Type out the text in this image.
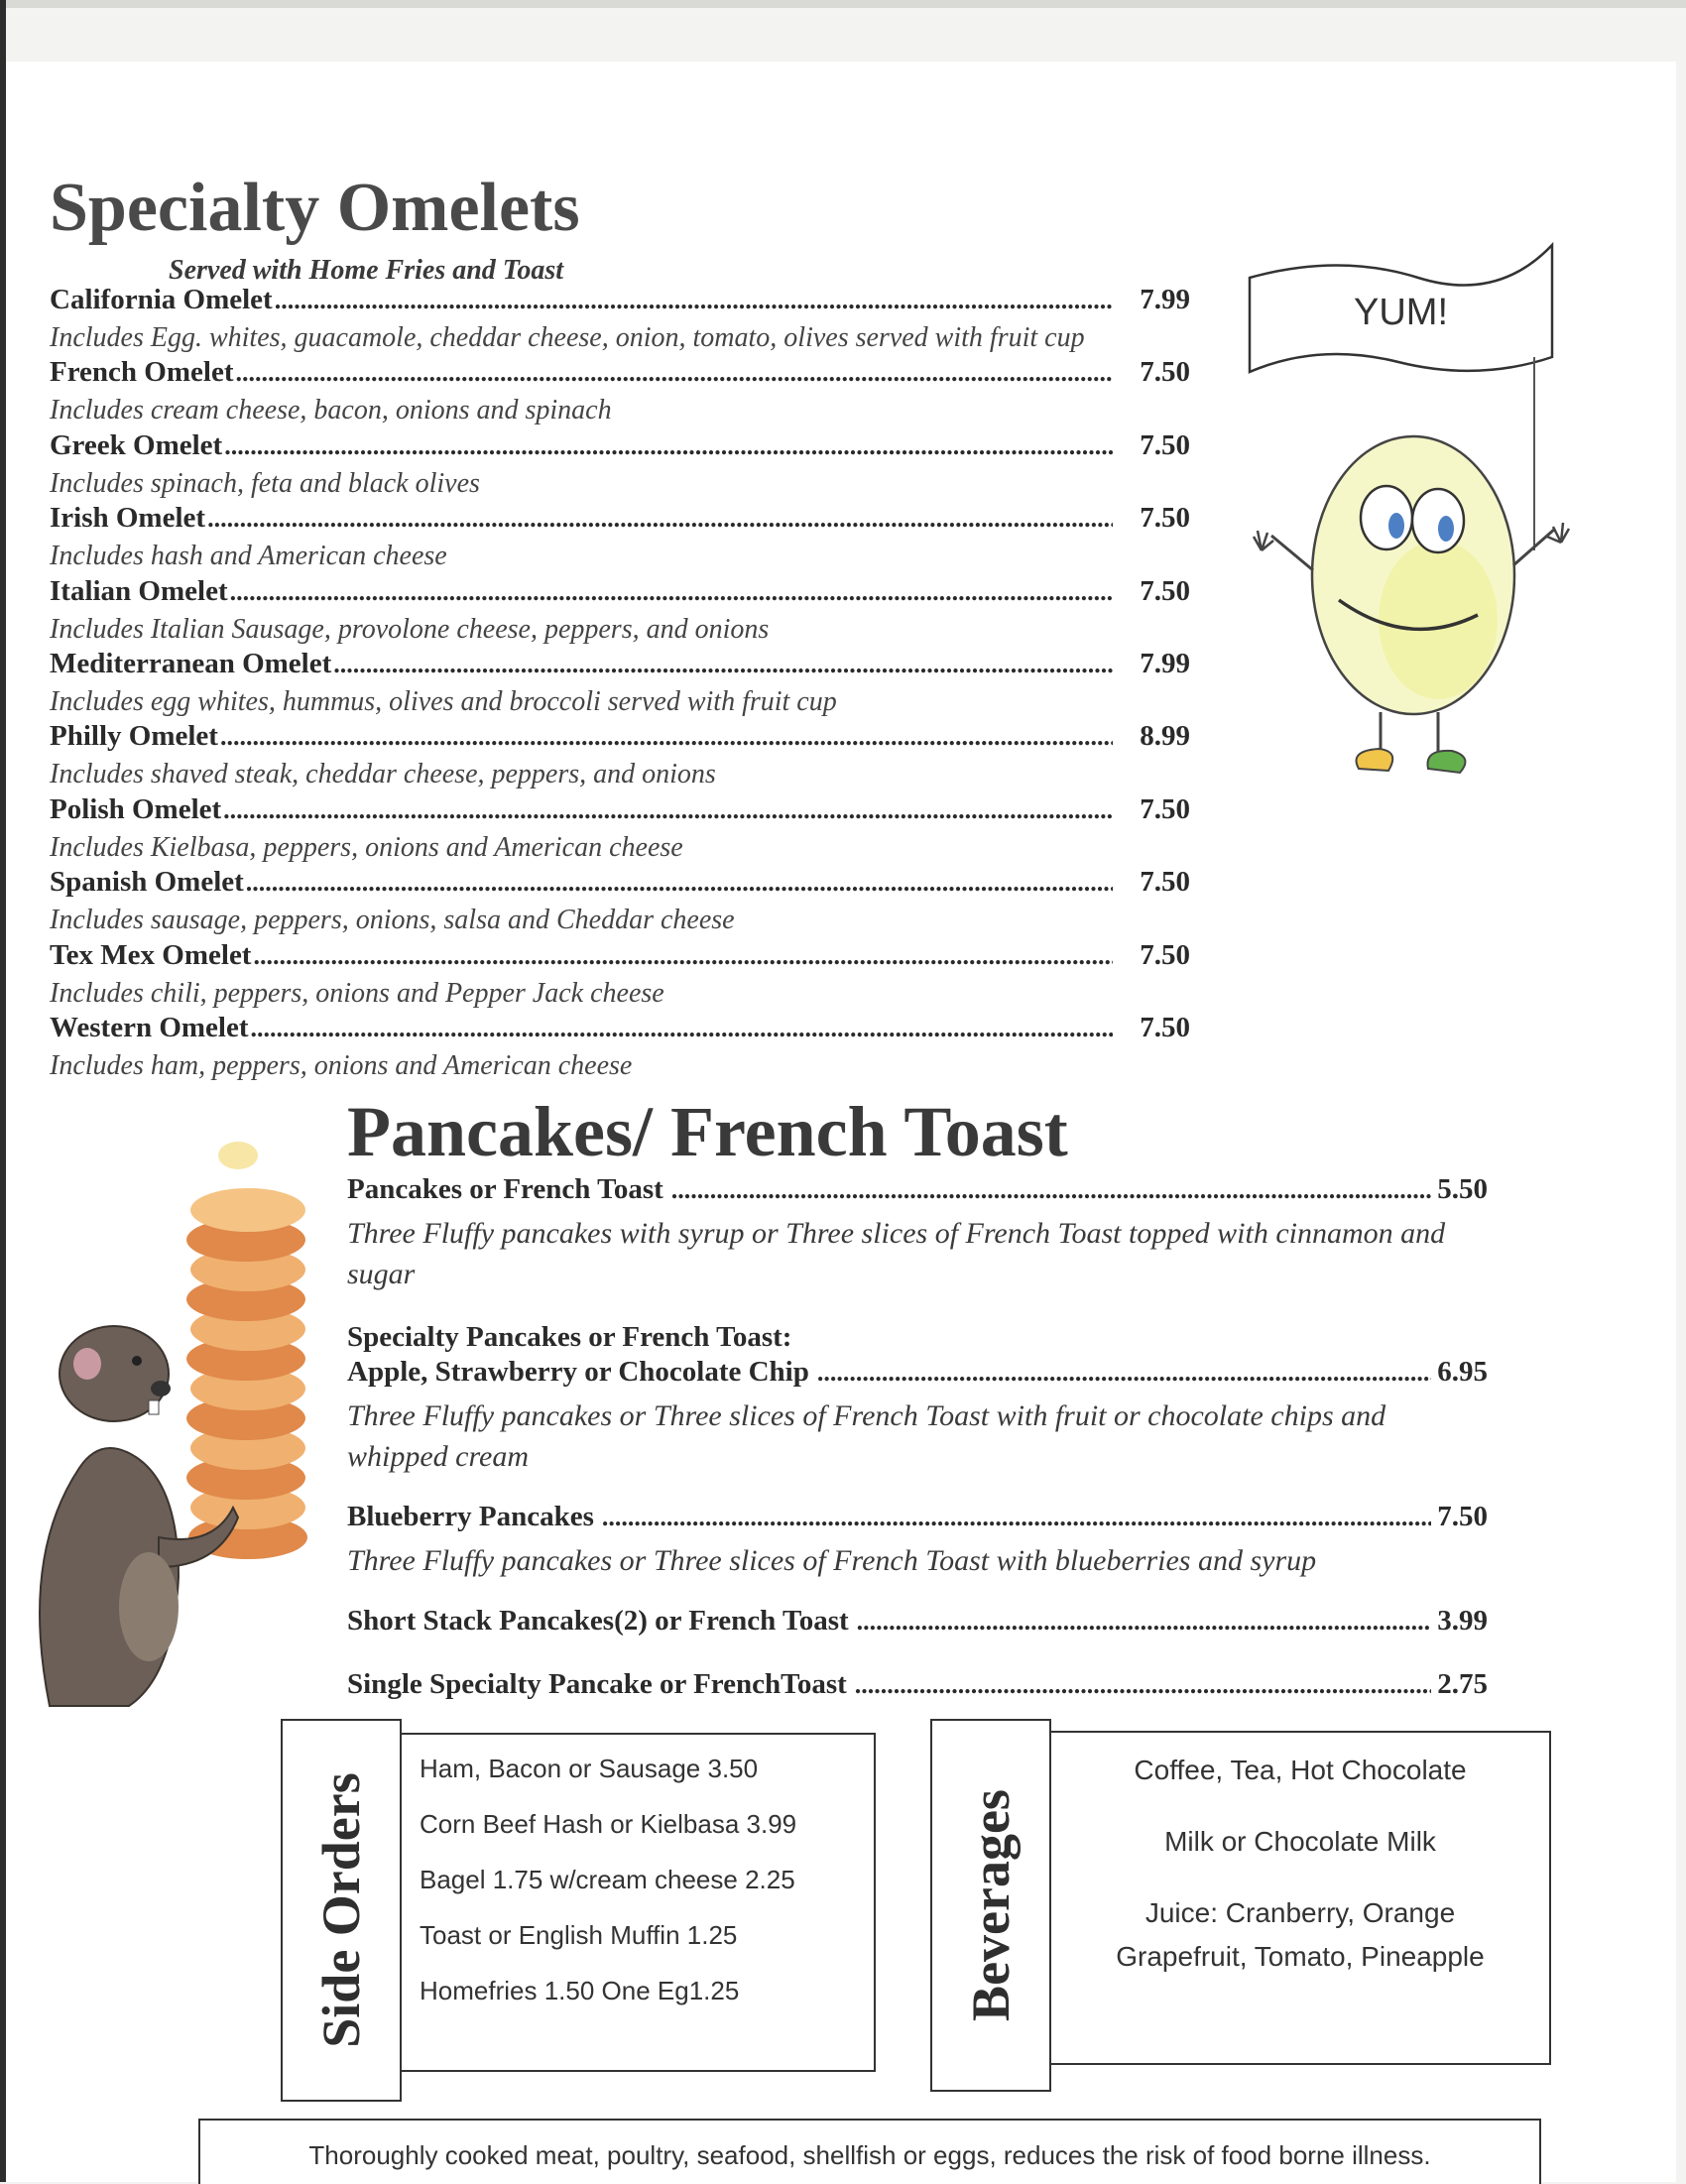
Specialty Omelets
Served with Home Fries and Toast
California Omelet .....	7.99
Includes Egg. whites, guacamole, cheddar cheese, onion, tomato, olives served with fruit cup
French Omelet .....	7.50
Includes cream cheese, bacon, onions and spinach
Greek Omelet .....	7.50
Includes spinach, feta and black olives
Irish Omelet .....	7.50
Includes hash and American cheese
Italian Omelet .....	7.50
Includes Italian Sausage, provolone cheese, peppers, and onions
Mediterranean Omelet .....	7.99
Includes egg whites, hummus, olives and broccoli served with fruit cup
Philly Omelet .....	8.99
Includes shaved steak, cheddar cheese, peppers, and onions
Polish Omelet .....	7.50
Includes Kielbasa, peppers, onions and American cheese
Spanish Omelet .....	7.50
Includes sausage, peppers, onions, salsa and Cheddar cheese
Tex Mex Omelet .....	7.50
Includes chili, peppers, onions and Pepper Jack cheese
Western Omelet .....	7.50
Includes ham, peppers, onions and American cheese
YUM!
Pancakes/ French Toast
Pancakes or French Toast .....	5.50
Three Fluffy pancakes with syrup or Three slices of French Toast topped with cinnamon and sugar
Specialty Pancakes or French Toast:
Apple, Strawberry or Chocolate Chip .....	6.95
Three Fluffy pancakes or Three slices of French Toast with fruit or chocolate chips and whipped cream
Blueberry Pancakes .....	7.50
Three Fluffy pancakes or Three slices of French Toast with blueberries and syrup
Short Stack Pancakes(2) or French Toast .....	3.99
Single Specialty Pancake or FrenchToast .....	2.75
Side Orders
Ham, Bacon or Sausage 3.50
Corn Beef Hash or Kielbasa 3.99
Bagel 1.75 w/cream cheese 2.25
Toast or English Muffin 1.25
Homefries 1.50 One Eg1.25	Beverages
Coffee, Tea, Hot Chocolate
Milk or Chocolate Milk
Juice: Cranberry, Orange
Grapefruit, Tomato, Pineapple
Thoroughly cooked meat, poultry, seafood, shellfish or eggs, reduces the risk of food borne illness.
